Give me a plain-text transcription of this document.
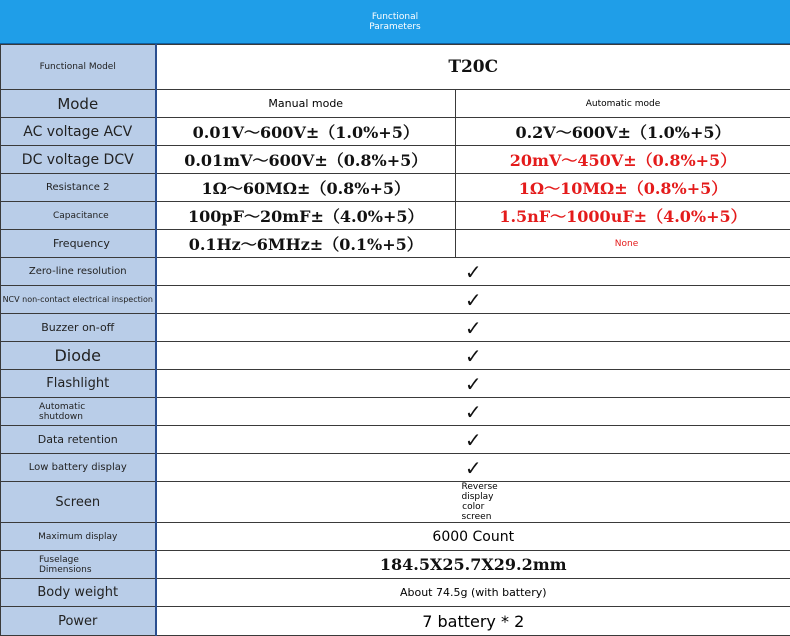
Functional Parameters
Functional Model	T20C	
Mode	Manual mode	Automatic mode
AC voltage ACV	0.01V～600V±（1.0%+5）	0.2V～600V±（1.0%+5）
DC voltage DCV	0.01mV～600V±（0.8%+5）	20mV～450V±（0.8%+5）
Resistance 2	1Ω～60MΩ±（0.8%+5）	1Ω～10MΩ±（0.8%+5）
Capacitance	100pF～20mF±（4.0%+5）	1.5nF～1000uF±（4.0%+5）
Frequency	0.1Hz～6MHz±（0.1%+5）	None
Zero-line resolution	✓	
NCV non-contact electrical inspection	✓	
Buzzer on-off	✓	
Diode	✓	
Flashlight	✓	
Automatic shutdown	✓	
Data retention	✓	
Low battery display	✓	
Screen	Reverse display color screen	
Maximum display	6000 Count	
Fuselage Dimensions	184.5X25.7X29.2mm	
Body weight	About 74.5g (with battery)	
Power	7 battery * 2	
